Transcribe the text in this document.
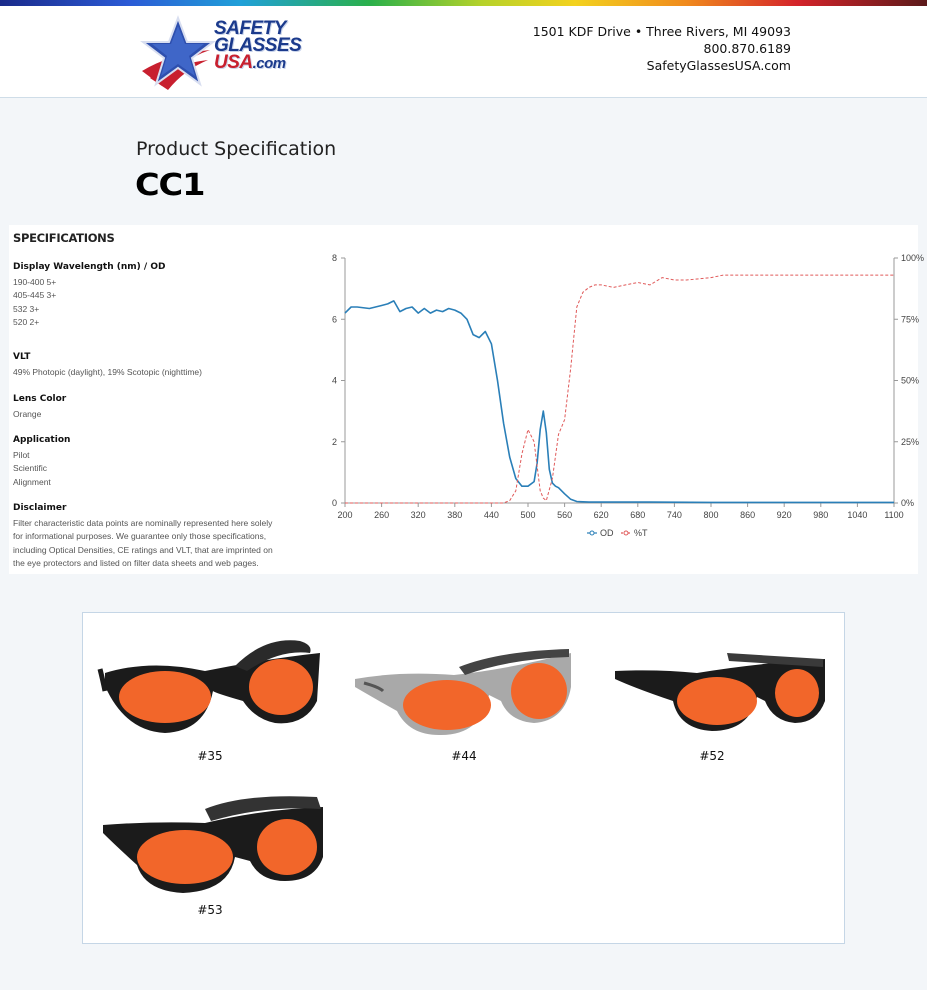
SAFETY
GLASSES
USA.com
1501 KDF Drive • Three Rivers, MI 49093
800.870.6189
SafetyGlassesUSA.com
Product Specification
CC1
SPECIFICATIONS
Display Wavelength (nm) / OD
190-400 5+
405-445 3+
532 3+
520 2+
VLT
49% Photopic (daylight), 19% Scotopic (nighttime)
Lens Color
Orange
Application
Pilot
Scientific
Alignment
Disclaimer
Filter characteristic data points are nominally represented here solely
for informational purposes. We guarantee only those specifications,
including Optical Densities, CE ratings and VLT, that are imprinted on
the eye protectors and listed on filter data sheets and web pages.
200 260 320 380 440 500 560 620 680 740 800 860 920 980 1040 1100
0
2
4
6
8
0%
25%
50%
75%
100%
OD %T
#35	#44	#52
#53
